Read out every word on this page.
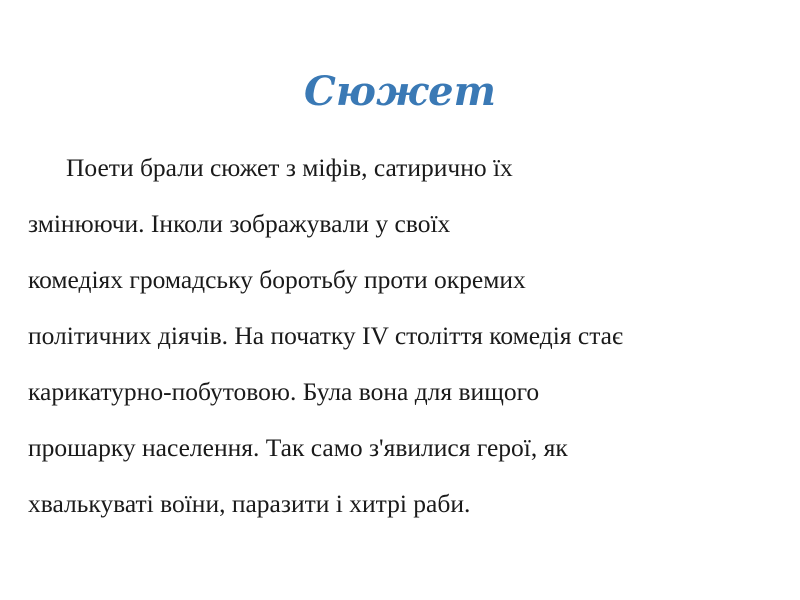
Сюжет
Поети брали сюжет з міфів, сатирично їх
змінюючи. Інколи зображували у своїх
комедіях громадську боротьбу проти окремих
політичних діячів. На початку IV століття комедія стає
карикатурно-побутовою. Була вона для вищого
прошарку населення. Так само з'явилися герої, як
хвалькуваті воїни, паразити і хитрі раби.
